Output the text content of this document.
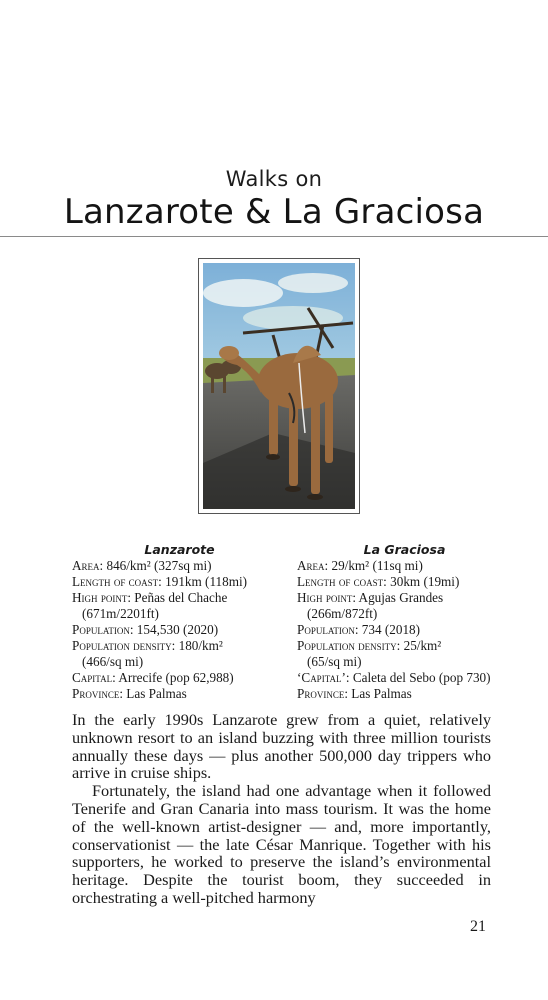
Walks on
Lanzarote & La Graciosa
Lanzarote

Area: 846/km² (327sq mi)

Length of coast: 191km (118mi)

High point: Peñas del Chache

(671m/2201ft)

Population: 154,530 (2020)

Population density: 180/km²

(466/sq mi)

Capital: Arrecife (pop 62,988)

Province: Las Palmas

La Graciosa

Area: 29/km² (11sq mi)

Length of coast: 30km (19mi)

High point: Agujas Grandes

(266m/872ft)

Population: 734 (2018)

Population density: 25/km²

(65/sq mi)

‘Capital’: Caleta del Sebo (pop 730)

Province: Las Palmas

In the early 1990s Lanzarote grew from a quiet, relatively unknown resort to an island buzzing with three million tourists annually these days — plus another 500,000 day trippers who arrive in cruise ships.

Fortunately, the island had one advantage when it followed Tenerife and Gran Canaria into mass tourism. It was the home of the well-known artist-designer — and, more importantly, conservationist — the late César Manrique. Together with his supporters, he worked to preserve the island’s environmental heritage. Despite the tourist boom, they succeeded in orchestrating a well-pitched harmony

21
